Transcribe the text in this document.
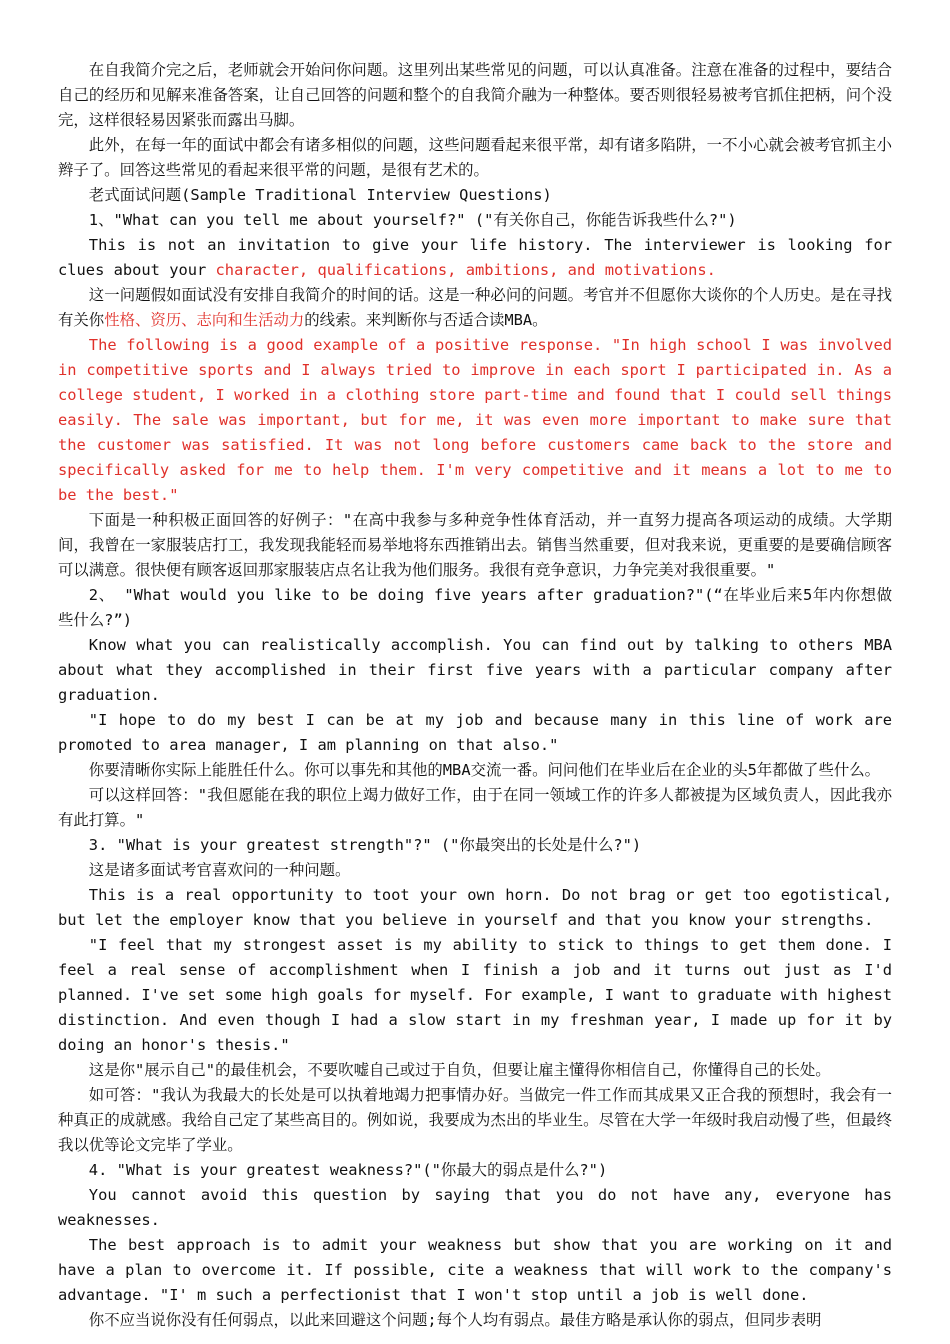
在自我简介完之后，老师就会开始问你问题。这里列出某些常见的问题，可以认真准备。注意在准备的过程中，要结合自己的经历和见解来准备答案，让自己回答的问题和整个的自我简介融为一种整体。要否则很轻易被考官抓住把柄，问个没完，这样很轻易因紧张而露出马脚。

此外，在每一年的面试中都会有诸多相似的问题，这些问题看起来很平常，却有诸多陷阱，一不小心就会被考官抓主小辫子了。回答这些常见的看起来很平常的问题，是很有艺术的。

老式面试问题(Sample Traditional Interview Questions)

1、"What can you tell me about yourself?" ("有关你自己，你能告诉我些什么?")

This is not an invitation to give your life history. The interviewer is looking for clues about your character, qualifications, ambitions, and motivations.

这一问题假如面试没有安排自我简介的时间的话。这是一种必问的问题。考官并不但愿你大谈你的个人历史。是在寻找有关你性格、资历、志向和生活动力的线索。来判断你与否适合读MBA。

The following is a good example of a positive response. "In high school I was involved in competitive sports and I always tried to improve in each sport I participated in. As a college student, I worked in a clothing store part-time and found that I could sell things easily. The sale was important, but for me, it was even more important to make sure that the customer was satisfied. It was not long before customers came back to the store and specifically asked for me to help them. I'm very competitive and it means a lot to me to be the best."

下面是一种积极正面回答的好例子："在高中我参与多种竞争性体育活动，并一直努力提高各项运动的成绩。大学期间，我曾在一家服装店打工，我发现我能轻而易举地将东西推销出去。销售当然重要，但对我来说，更重要的是要确信顾客可以满意。很快便有顾客返回那家服装店点名让我为他们服务。我很有竞争意识，力争完美对我很重要。"

2、 "What would you like to be doing five years after graduation?"(“在毕业后来5年内你想做些什么?”)

Know what you can realistically accomplish. You can find out by talking to others MBA about what they accomplished in their first five years with a particular company after graduation.

"I hope to do my best I can be at my job and because many in this line of work are promoted to area manager, I am planning on that also."

你要清晰你实际上能胜任什么。你可以事先和其他的MBA交流一番。问问他们在毕业后在企业的头5年都做了些什么。

可以这样回答："我但愿能在我的职位上竭力做好工作，由于在同一领域工作的许多人都被提为区域负责人，因此我亦有此打算。"

3. "What is your greatest strength"?" ("你最突出的长处是什么?")

这是诸多面试考官喜欢问的一种问题。

This is a real opportunity to toot your own horn. Do not brag or get too egotistical, but let the employer know that you believe in yourself and that you know your strengths.

"I feel that my strongest asset is my ability to stick to things to get them done. I feel a real sense of accomplishment when I finish a job and it turns out just as I'd planned. I've set some high goals for myself. For example, I want to graduate with highest distinction. And even though I had a slow start in my freshman year, I made up for it by doing an honor's thesis."

这是你"展示自己"的最佳机会，不要吹嘘自己或过于自负，但要让雇主懂得你相信自己，你懂得自己的长处。

如可答："我认为我最大的长处是可以执着地竭力把事情办好。当做完一件工作而其成果又正合我的预想时，我会有一种真正的成就感。我给自己定了某些高目的。例如说，我要成为杰出的毕业生。尽管在大学一年级时我启动慢了些，但最终我以优等论文完毕了学业。

4. "What is your greatest weakness?"("你最大的弱点是什么?")

You cannot avoid this question by saying that you do not have any, everyone has weaknesses.

The best approach is to admit your weakness but show that you are working on it and have a plan to overcome it. If possible, cite a weakness that will work to the company's advantage. "I' m such a perfectionist that I won't stop until a job is well done.

你不应当说你没有任何弱点，以此来回避这个问题;每个人均有弱点。最佳方略是承认你的弱点，但同步表明
